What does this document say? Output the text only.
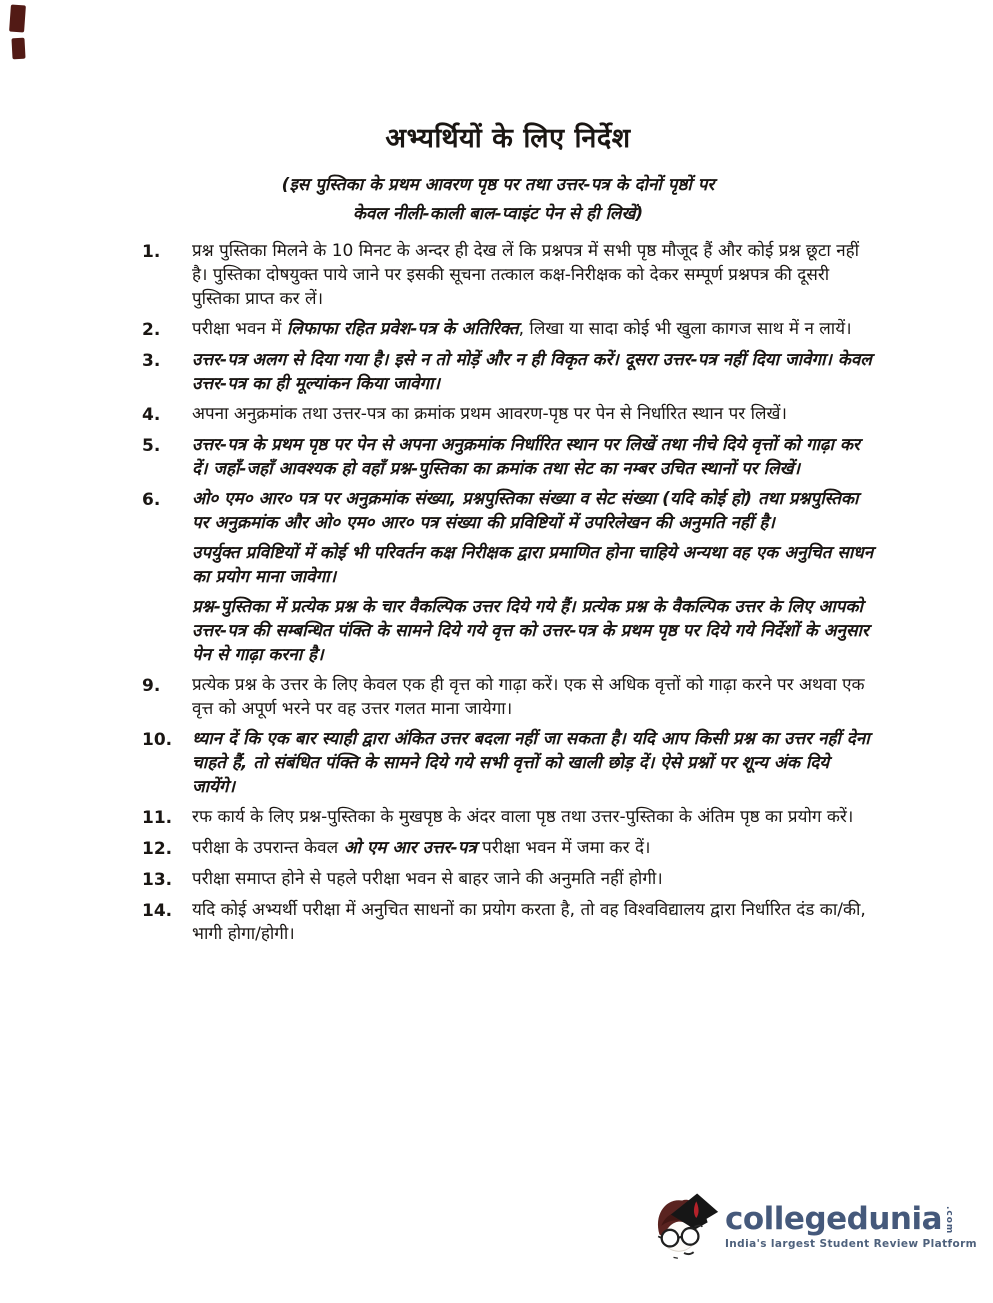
अभ्यर्थियों के लिए निर्देश
(इस पुस्तिका के प्रथम आवरण पृष्ठ पर तथा उत्तर-पत्र के दोनों पृष्ठों पर
केवल नीली-काली बाल-प्वाइंट पेन से ही लिखें)
1.	प्रश्न पुस्तिका मिलने के 10 मिनट के अन्दर ही देख लें कि प्रश्नपत्र में सभी पृष्ठ मौजूद हैं और कोई प्रश्न छूटा नहीं है। पुस्तिका दोषयुक्त पाये जाने पर इसकी सूचना तत्काल कक्ष-निरीक्षक को देकर सम्पूर्ण प्रश्नपत्र की दूसरी पुस्तिका प्राप्त कर लें।

2.	परीक्षा भवन में लिफाफा रहित प्रवेश-पत्र के अतिरिक्त, लिखा या सादा कोई भी खुला कागज साथ में न लायें।

3.	उत्तर-पत्र अलग से दिया गया है। इसे न तो मोड़ें और न ही विकृत करें। दूसरा उत्तर-पत्र नहीं दिया जावेगा। केवल उत्तर-पत्र का ही मूल्यांकन किया जावेगा।

4.	अपना अनुक्रमांक तथा उत्तर-पत्र का क्रमांक प्रथम आवरण-पृष्ठ पर पेन से निर्धारित स्थान पर लिखें।

5.	उत्तर-पत्र के प्रथम पृष्ठ पर पेन से अपना अनुक्रमांक निर्धारित स्थान पर लिखें तथा नीचे दिये वृत्तों को गाढ़ा कर दें। जहाँ-जहाँ आवश्यक हो वहाँ प्रश्न-पुस्तिका का क्रमांक तथा सेट का नम्बर उचित स्थानों पर लिखें।

6.	ओ० एम० आर० पत्र पर अनुक्रमांक संख्या, प्रश्नपुस्तिका संख्या व सेट संख्या (यदि कोई हो) तथा प्रश्नपुस्तिका पर अनुक्रमांक और ओ० एम० आर० पत्र संख्या की प्रविष्टियों में उपरिलेखन की अनुमति नहीं है।

उपर्युक्त प्रविष्टियों में कोई भी परिवर्तन कक्ष निरीक्षक द्वारा प्रमाणित होना चाहिये अन्यथा वह एक अनुचित साधन का प्रयोग माना जावेगा।

प्रश्न-पुस्तिका में प्रत्येक प्रश्न के चार वैकल्पिक उत्तर दिये गये हैं। प्रत्येक प्रश्न के वैकल्पिक उत्तर के लिए आपको उत्तर-पत्र की सम्बन्धित पंक्ति के सामने दिये गये वृत्त को उत्तर-पत्र के प्रथम पृष्ठ पर दिये गये निर्देशों के अनुसार पेन से गाढ़ा करना है।

9.	प्रत्येक प्रश्न के उत्तर के लिए केवल एक ही वृत्त को गाढ़ा करें। एक से अधिक वृत्तों को गाढ़ा करने पर अथवा एक वृत्त को अपूर्ण भरने पर वह उत्तर गलत माना जायेगा।

10.	ध्यान दें कि एक बार स्याही द्वारा अंकित उत्तर बदला नहीं जा सकता है। यदि आप किसी प्रश्न का उत्तर नहीं देना चाहते हैं, तो संबंधित पंक्ति के सामने दिये गये सभी वृत्तों को खाली छोड़ दें। ऐसे प्रश्नों पर शून्य अंक दिये जायेंगे।

11.	रफ कार्य के लिए प्रश्न-पुस्तिका के मुखपृष्ठ के अंदर वाला पृष्ठ तथा उत्तर-पुस्तिका के अंतिम पृष्ठ का प्रयोग करें।

12.	परीक्षा के उपरान्त केवल ओ एम आर उत्तर-पत्र परीक्षा भवन में जमा कर दें।

13.	परीक्षा समाप्त होने से पहले परीक्षा भवन से बाहर जाने की अनुमति नहीं होगी।

14.	यदि कोई अभ्यर्थी परीक्षा में अनुचित साधनों का प्रयोग करता है, तो वह विश्वविद्यालय द्वारा निर्धारित दंड का/की, भागी होगा/होगी।

collegedunia .com
India's largest Student Review Platform
